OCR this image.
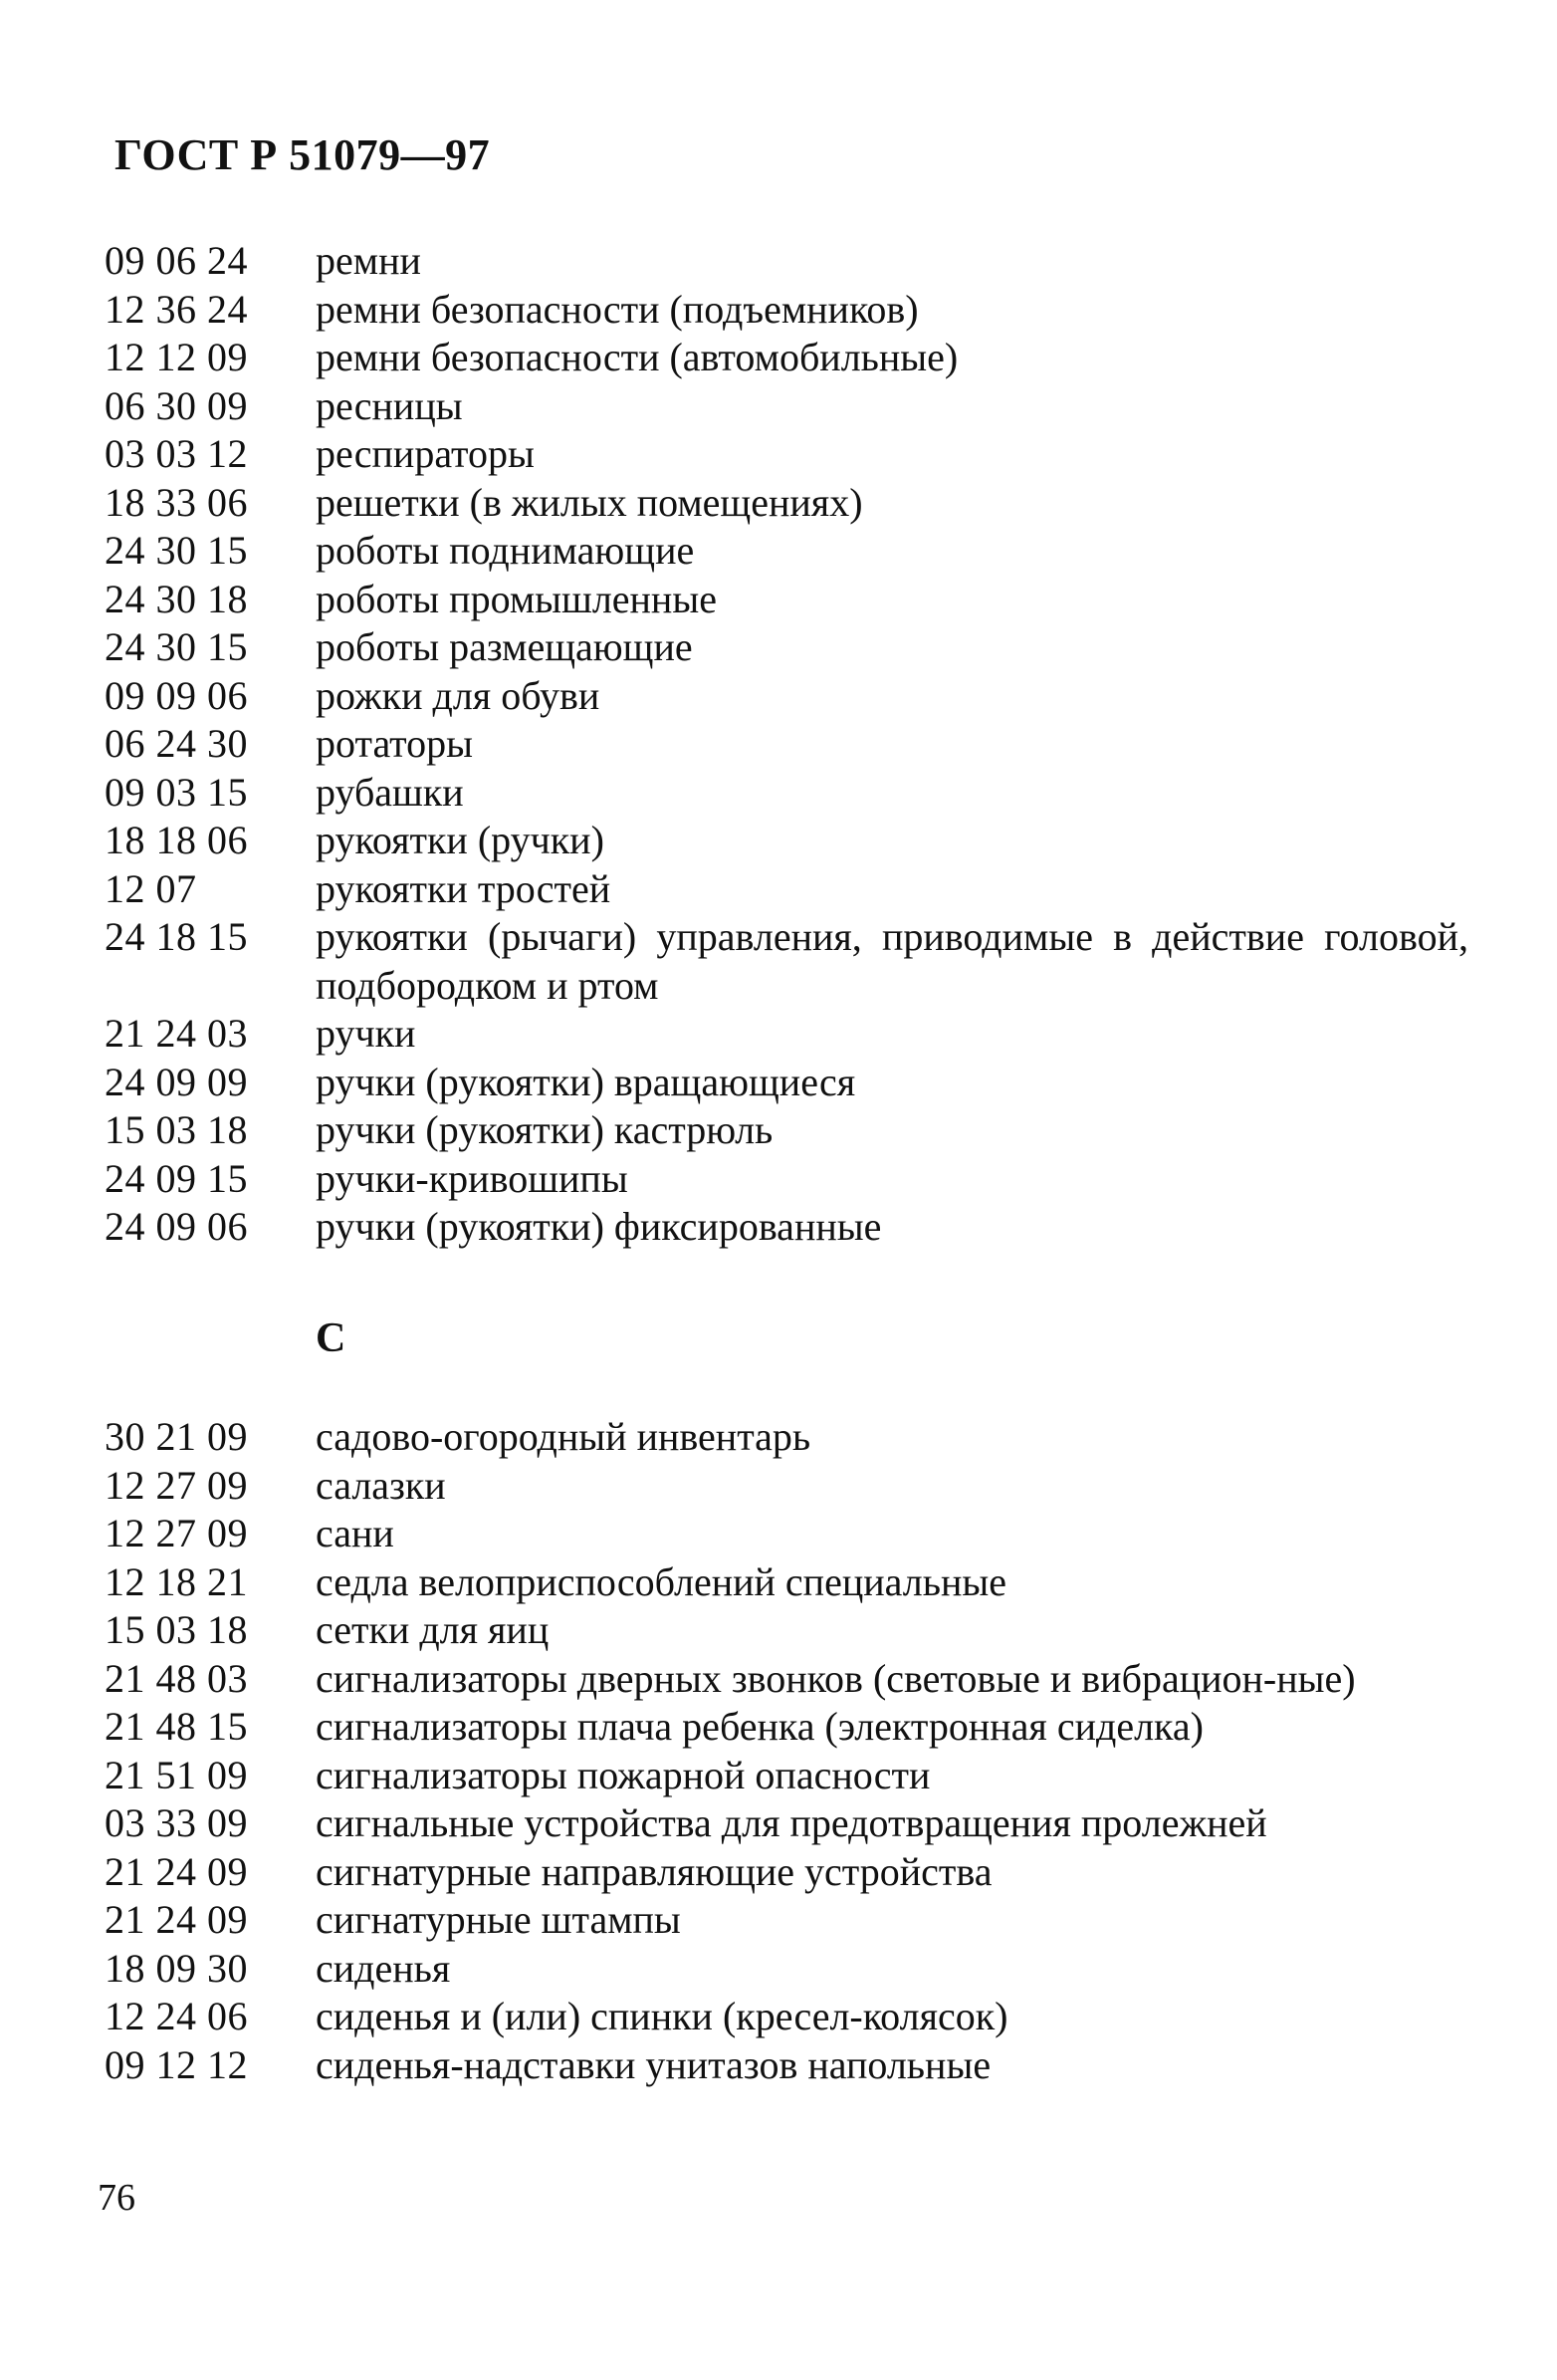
ГОСТ Р 51079—97
09 06 24	ремни
12 36 24	ремни безопасности (подъемников)
12 12 09	ремни безопасности (автомобильные)
06 30 09	ресницы
03 03 12	респираторы
18 33 06	решетки (в жилых помещениях)
24 30 15	роботы поднимающие
24 30 18	роботы промышленные
24 30 15	роботы размещающие
09 09 06	рожки для обуви
06 24 30	ротаторы
09 03 15	рубашки
18 18 06	рукоятки (ручки)
12 07	рукоятки тростей
24 18 15	рукоятки (рычаги) управления, приводимые в действие головой, подбородком и ртом
21 24 03	ручки
24 09 09	ручки (рукоятки) вращающиеся
15 03 18	ручки (рукоятки) кастрюль
24 09 15	ручки-кривошипы
24 09 06	ручки (рукоятки) фиксированные
С
30 21 09	садово-огородный инвентарь
12 27 09	салазки
12 27 09	сани
12 18 21	седла велоприспособлений специальные
15 03 18	сетки для яиц
21 48 03	сигнализаторы дверных звонков (световые и вибрацион-ные)
21 48 15	сигнализаторы плача ребенка (электронная сиделка)
21 51 09	сигнализаторы пожарной опасности
03 33 09	сигнальные устройства для предотвращения пролежней
21 24 09	сигнатурные направляющие устройства
21 24 09	сигнатурные штампы
18 09 30	сиденья
12 24 06	сиденья и (или) спинки (кресел-колясок)
09 12 12	сиденья-надставки унитазов напольные
76
